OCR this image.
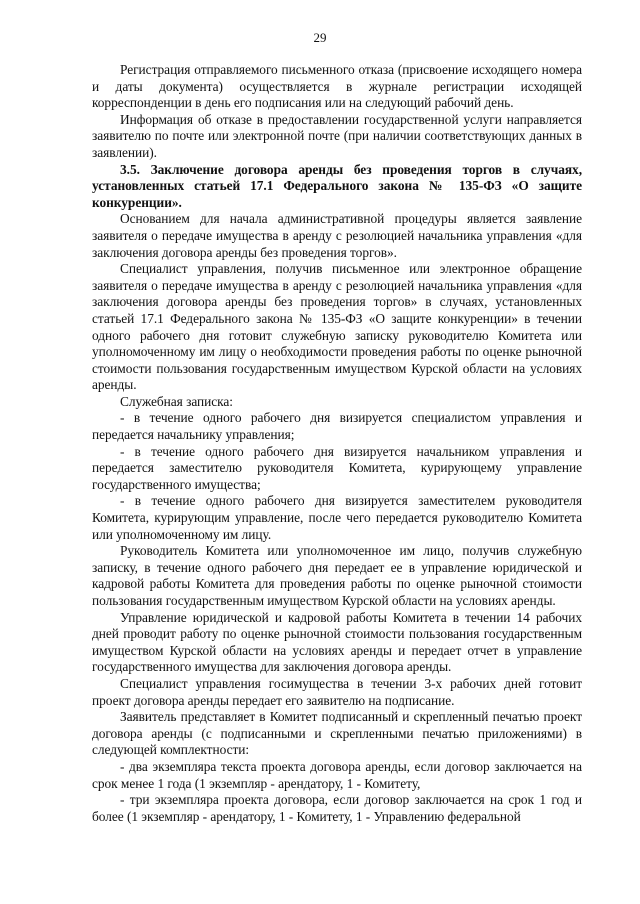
29

Регистрация отправляемого письменного отказа (присвоение исходящего номера и даты документа) осуществляется в журнале регистрации исходящей корреспонденции в день его подписания или на следующий рабочий день.

Информация об отказе в предоставлении государственной услуги направляется заявителю по почте или электронной почте (при наличии соответствующих данных в заявлении).

3.5. Заключение договора аренды без проведения торгов в случаях, установленных статьей 17.1 Федерального закона № 135-ФЗ «О защите конкуренции».

Основанием для начала административной процедуры является заявление заявителя о передаче имущества в аренду с резолюцией начальника управления «для заключения договора аренды без проведения торгов».

Специалист управления, получив письменное или электронное обращение заявителя о передаче имущества в аренду с резолюцией начальника управления «для заключения договора аренды без проведения торгов» в случаях, установленных статьей 17.1 Федерального закона № 135-ФЗ «О защите конкуренции» в течении одного рабочего дня готовит служебную записку руководителю Комитета или уполномоченному им лицу о необходимости проведения работы по оценке рыночной стоимости пользования государственным имуществом Курской области на условиях аренды.

Служебная записка:

- в течение одного рабочего дня визируется специалистом управления и передается начальнику управления;

- в течение одного рабочего дня визируется начальником управления и передается заместителю руководителя Комитета, курирующему управление государственного имущества;

- в течение одного рабочего дня визируется заместителем руководителя Комитета, курирующим управление, после чего передается руководителю Комитета или уполномоченному им лицу.

Руководитель Комитета или уполномоченное им лицо, получив служебную записку, в течение одного рабочего дня передает ее в управление юридической и кадровой работы Комитета для проведения работы по оценке рыночной стоимости пользования государственным имуществом Курской области на условиях аренды.

Управление юридической и кадровой работы Комитета в течении 14 рабочих дней проводит работу по оценке рыночной стоимости пользования государственным имуществом Курской области на условиях аренды и передает отчет в управление государственного имущества для заключения договора аренды.

Специалист управления госимущества в течении 3-х рабочих дней готовит проект договора аренды передает его заявителю на подписание.

Заявитель представляет в Комитет подписанный и скрепленный печатью проект договора аренды (с подписанными и скрепленными печатью приложениями) в следующей комплектности:

- два экземпляра текста проекта договора аренды, если договор заключается на срок менее 1 года (1 экземпляр - арендатору, 1 - Комитету,

- три экземпляра проекта договора, если договор заключается на срок 1 год и более (1 экземпляр - арендатору, 1 - Комитету, 1 - Управлению федеральной
